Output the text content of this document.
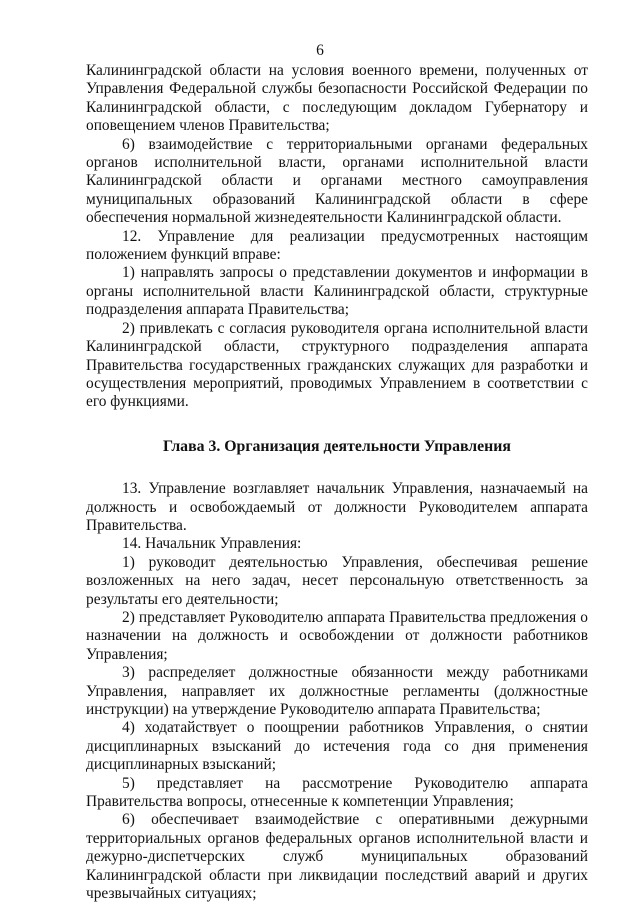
6

Калининградской области на условия военного времени, полученных от Управления Федеральной службы безопасности Российской Федерации по Калининградской области, с последующим докладом Губернатору и оповещением членов Правительства;

6) взаимодействие с территориальными органами федеральных органов исполнительной власти, органами исполнительной власти Калининградской области и органами местного самоуправления муниципальных образований Калининградской области в сфере обеспечения нормальной жизнедеятельности Калининградской области.

12. Управление для реализации предусмотренных настоящим положением функций вправе:

1) направлять запросы о представлении документов и информации в органы исполнительной власти Калининградской области, структурные подразделения аппарата Правительства;

2) привлекать с согласия руководителя органа исполнительной власти Калининградской области, структурного подразделения аппарата Правительства государственных гражданских служащих для разработки и осуществления мероприятий, проводимых Управлением в соответствии с его функциями.

Глава 3. Организация деятельности Управления

13. Управление возглавляет начальник Управления, назначаемый на должность и освобождаемый от должности Руководителем аппарата Правительства.

14. Начальник Управления:

1) руководит деятельностью Управления, обеспечивая решение возложенных на него задач, несет персональную ответственность за результаты его деятельности;

2) представляет Руководителю аппарата Правительства предложения о назначении на должность и освобождении от должности работников Управления;

3) распределяет должностные обязанности между работниками Управления, направляет их должностные регламенты (должностные инструкции) на утверждение Руководителю аппарата Правительства;

4) ходатайствует о поощрении работников Управления, о снятии дисциплинарных взысканий до истечения года со дня применения дисциплинарных взысканий;

5) представляет на рассмотрение Руководителю аппарата Правительства вопросы, отнесенные к компетенции Управления;

6) обеспечивает взаимодействие с оперативными дежурными территориальных органов федеральных органов исполнительной власти и дежурно-диспетчерских служб муниципальных образований Калининградской области при ликвидации последствий аварий и других чрезвычайных ситуациях;
